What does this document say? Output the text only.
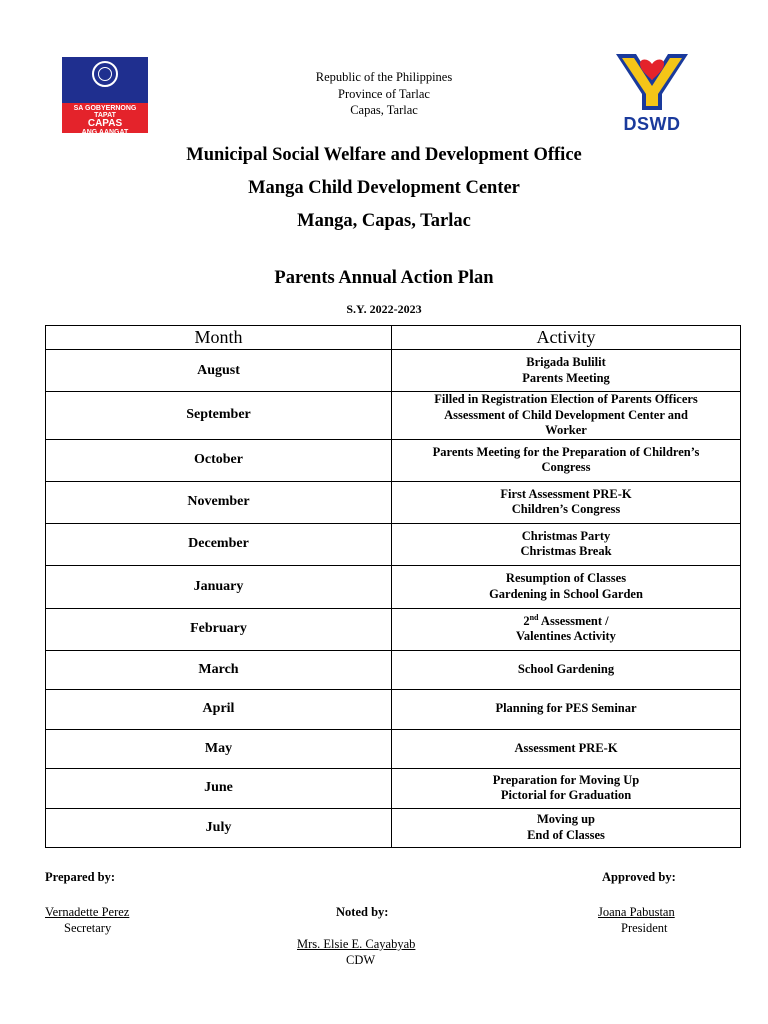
SA GOBYERNONG TAPAT
CAPAS
ANG AANGAT	DSWD
Republic of the Philippines
Province of Tarlac
Capas, Tarlac
Municipal Social Welfare and Development Office
Manga Child Development Center
Manga, Capas, Tarlac
Parents Annual Action Plan
S.Y. 2022-2023
Month	Activity
August	Brigada Bulilit
Parents Meeting

September	Filled in Registration Election of Parents Officers
Assessment of Child Development Center and
Worker

October	Parents Meeting for the Preparation of Children’s
Congress

November	First Assessment PRE-K
Children’s Congress

December	Christmas Party
Christmas Break

January	Resumption of Classes
Gardening in School Garden

February	2nd Assessment /
Valentines Activity

March	School Gardening

April	Planning for PES Seminar

May	Assessment PRE-K

June	Preparation for Moving Up
Pictorial for Graduation

July	Moving up
End of Classes
Prepared by:	Approved by:
Vernadette Perez
Secretary
Noted by:	Joana Pabustan
President
Mrs. Elsie E. Cayabyab
CDW
